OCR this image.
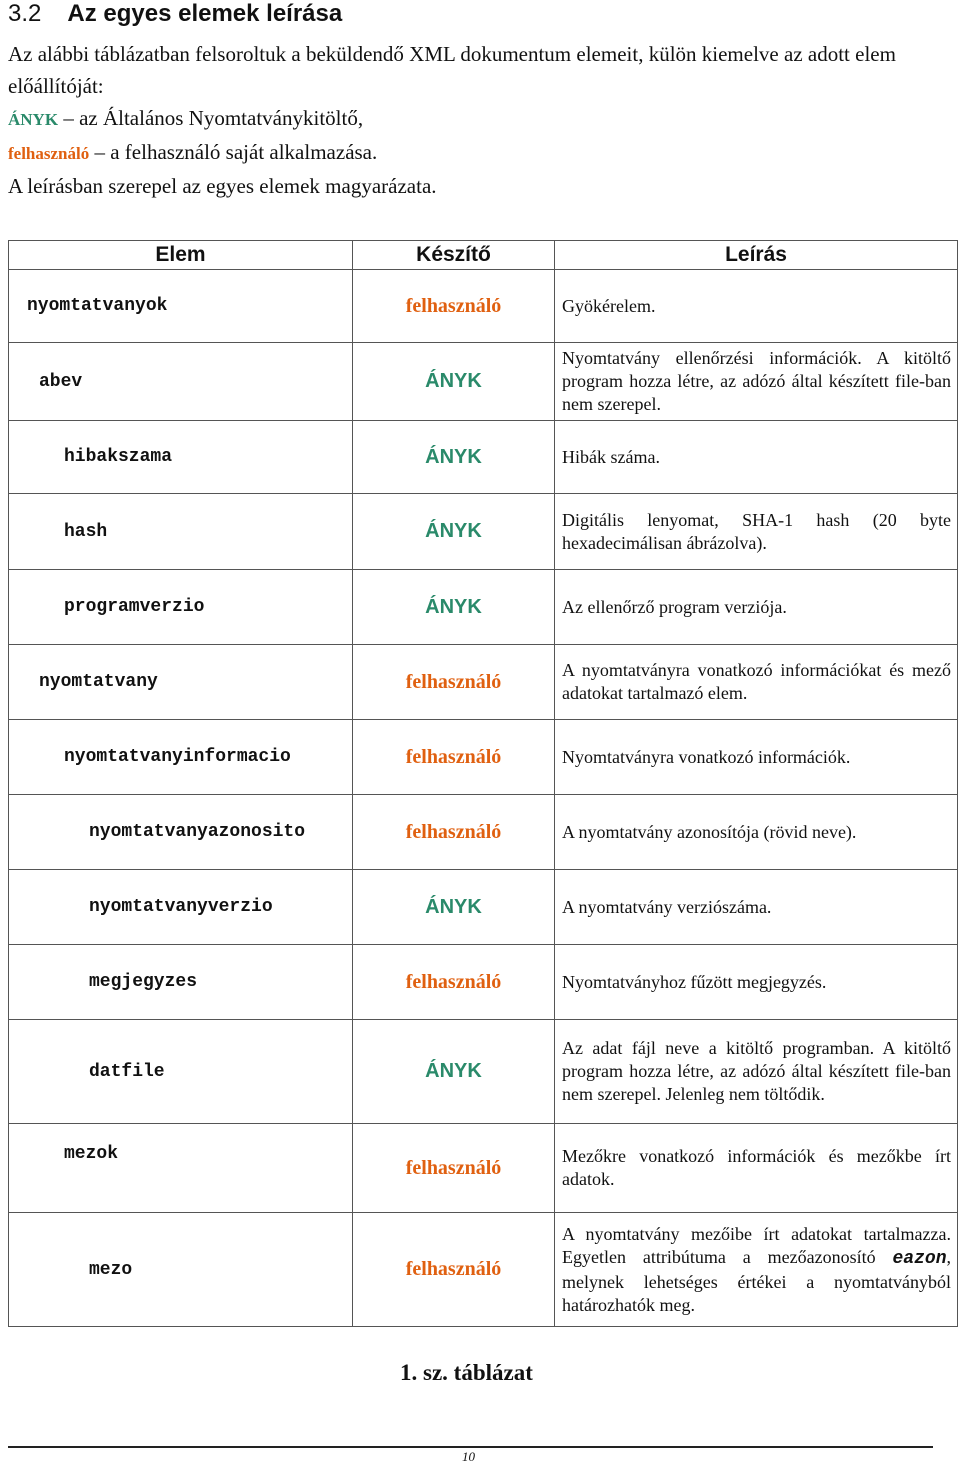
3.2 Az egyes elemek leírása

Az alábbi táblázatban felsoroltuk a beküldendő XML dokumentum elemeit, külön kiemelve az adott elem előállítóját:

ÁNYK – az Általános Nyomtatványkitöltő,

felhasználó – a felhasználó saját alkalmazása.

A leírásban szerepel az egyes elemek magyarázata.

Elem	Készítő	Leírás
nyomtatvanyok	felhasználó	Gyökérelem.
abev	ÁNYK	Nyomtatvány ellenőrzési információk. A kitöltő program hozza létre, az adózó által készített file-ban nem szerepel.
hibakszama	ÁNYK	Hibák száma.
hash	ÁNYK	Digitális lenyomat, SHA-1 hash (20 byte hexadecimálisan ábrázolva).
programverzio	ÁNYK	Az ellenőrző program verziója.
nyomtatvany	felhasználó	A nyomtatványra vonatkozó információkat és mező adatokat tartalmazó elem.
nyomtatvanyinformacio	felhasználó	Nyomtatványra vonatkozó információk.
nyomtatvanyazonosito	felhasználó	A nyomtatvány azonosítója (rövid neve).
nyomtatvanyverzio	ÁNYK	A nyomtatvány verziószáma.
megjegyzes	felhasználó	Nyomtatványhoz fűzött megjegyzés.
datfile	ÁNYK	Az adat fájl neve a kitöltő programban. A kitöltő program hozza létre, az adózó által készített file-ban nem szerepel. Jelenleg nem töltődik.
mezok	felhasználó	Mezőkre vonatkozó információk és mezőkbe írt adatok.
mezo	felhasználó	A nyomtatvány mezőibe írt adatokat tartalmazza. Egyetlen attribútuma a mezőazonosító eazon, melynek lehetséges értékei a nyomtatványból határozhatók meg.
1. sz. táblázat
10
